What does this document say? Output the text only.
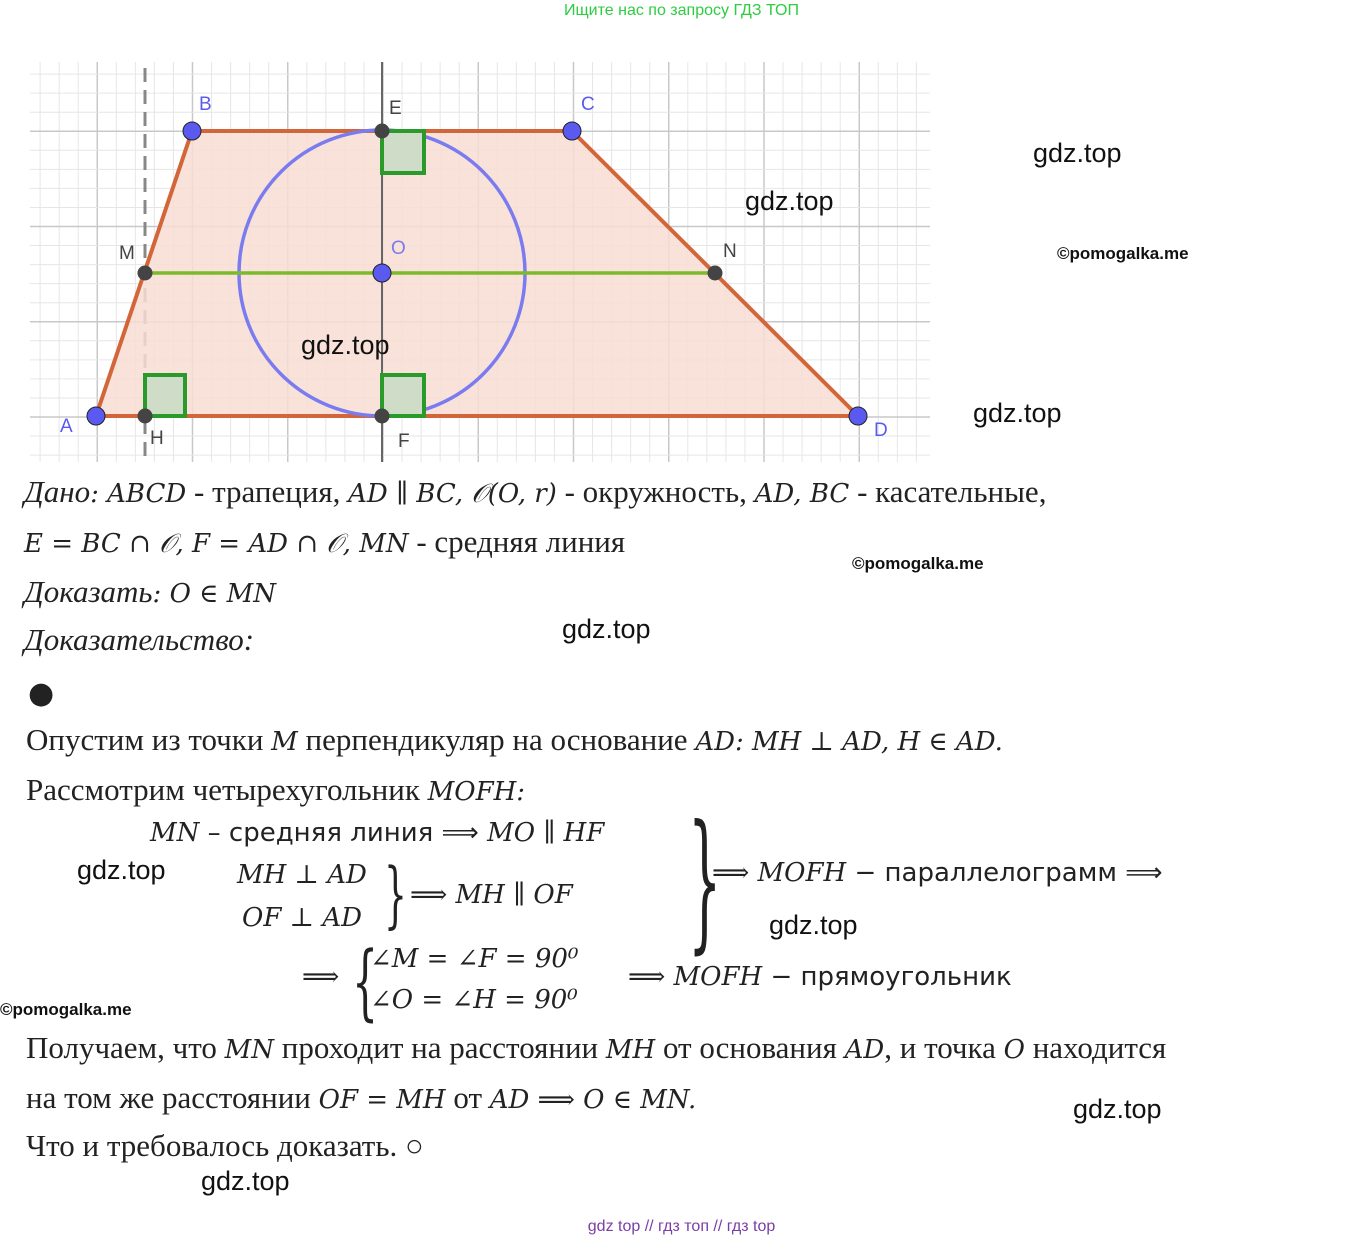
Ищите нас по запросу ГДЗ ТОП
A
B	C
D
E
F
M	N
O
H
gdz.top
gdz.top
©pomogalka.me
gdz.top
gdz.top
©pomogalka.me
gdz.top
gdz.top
gdz.top
©pomogalka.me
gdz.top
gdz.top
Дано: ABCD - трапеция, AD ∥ BC, 𝒪(O, r) - окружность, AD, BC - касательные,
E = BC ∩ 𝒪, F = AD ∩ 𝒪, MN - средняя линия
Доказать: O ∈ MN
Доказательство:
●
Опустим из точки M перпендикуляр на основание AD: MH ⊥ AD, H ∈ AD.
Рассмотрим четырехугольник MOFH:
MN – средняя линия ⟹ MO ∥ HF
MH ⊥ AD
OF ⊥ AD } ⟹ MH ∥ OF }
⟹ MOFH − параллелограмм ⟹
⟹ {
∠M = ∠F = 90⁰
∠O = ∠H = 90⁰
⟹ MOFH − прямоугольник
Получаем, что MN проходит на расстоянии MH от основания AD, и точка O находится
на том же расстоянии OF = MH от AD ⟹ O ∈ MN.
Что и требовалось доказать. ○
gdz top // гдз топ // гдз top
